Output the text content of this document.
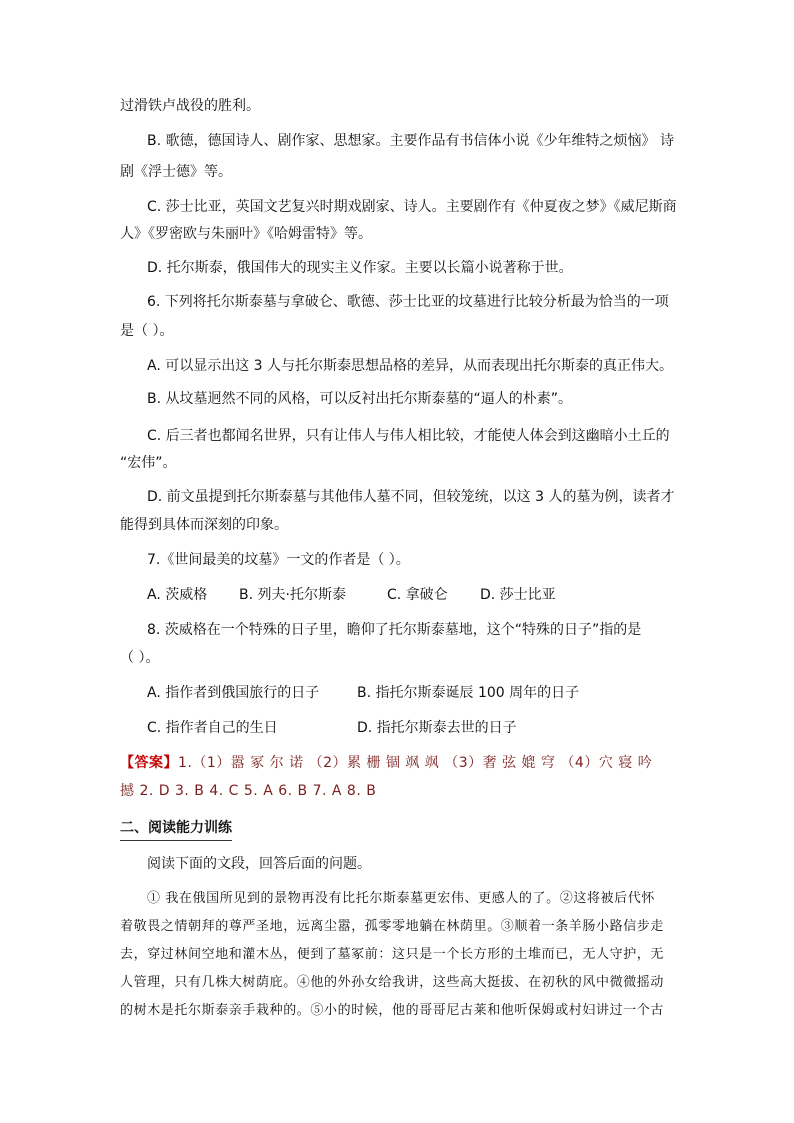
过滑铁卢战役的胜利。
B. 歌德，德国诗人、剧作家、思想家。主要作品有书信体小说《少年维特之烦恼》 诗
剧《浮士德》等。
C. 莎士比亚，英国文艺复兴时期戏剧家、诗人。主要剧作有《仲夏夜之梦》《威尼斯商
人》《罗密欧与朱丽叶》《哈姆雷特》等。
D. 托尔斯泰，俄国伟大的现实主义作家。主要以长篇小说著称于世。
6. 下列将托尔斯泰墓与拿破仑、歌德、莎士比亚的坟墓进行比较分析最为恰当的一项
是（ ）。
A. 可以显示出这 3 人与托尔斯泰思想品格的差异，从而表现出托尔斯泰的真正伟大。
B. 从坟墓迥然不同的风格，可以反衬出托尔斯泰墓的“逼人的朴素”。
C. 后三者也都闻名世界，只有让伟人与伟人相比较，才能使人体会到这幽暗小土丘的
“宏伟”。
D. 前文虽提到托尔斯泰墓与其他伟人墓不同，但较笼统，以这 3 人的墓为例，读者才
能得到具体而深刻的印象。
7.《世间最美的坟墓》一文的作者是（ ）。
A. 茨威格 B. 列夫·托尔斯泰	C. 拿破仑 D. 莎士比亚
8. 茨威格在一个特殊的日子里，瞻仰了托尔斯泰墓地，这个“特殊的日子”指的是
（ ）。
A. 指作者到俄国旅行的日子	B. 指托尔斯泰诞辰 100 周年的日子
C. 指作者自己的生日	D. 指托尔斯泰去世的日子
【答案】1.（1）嚣 冢 尔 诺 （2）累 栅 锢 飒 飒 （3）奢 弦 媲 穹 （4）穴 寝 吟
撼 2. D 3. B 4. C 5. A 6. B 7. A 8. B
二、阅读能力训练
阅读下面的文段，回答后面的问题。
① 我在俄国所见到的景物再没有比托尔斯泰墓更宏伟、更感人的了。②这将被后代怀
着敬畏之情朝拜的尊严圣地，远离尘嚣，孤零零地躺在林荫里。③顺着一条羊肠小路信步走
去，穿过林间空地和灌木丛，便到了墓冢前：这只是一个长方形的土堆而已，无人守护，无
人管理，只有几株大树荫庇。④他的外孙女给我讲，这些高大挺拔、在初秋的风中微微摇动
的树木是托尔斯泰亲手栽种的。⑤小的时候，他的哥哥尼古莱和他听保姆或村妇讲过一个古
